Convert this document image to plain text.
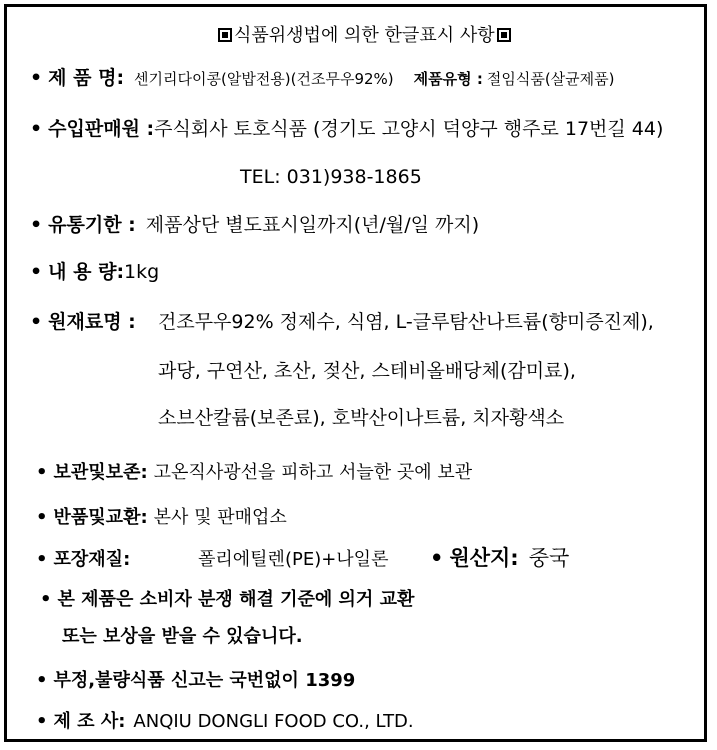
식품위생법에 의한 한글표시 사항
• 제 품 명: 센기리다이콩(알밥전용)(건조무우92%) 제품유형 : 절임식품(살균제품)
• 수입판매원 :주식회사 토호식품 (경기도 고양시 덕양구 행주로 17번길 44)
TEL: 031)938-1865
• 유통기한 : 제품상단 별도표시일까지(년/월/일 까지)
• 내 용 량:1kg
• 원재료명 : 건조무우92% 정제수, 식염, L-글루탐산나트륨(향미증진제),
과당, 구연산, 초산, 젖산, 스테비올배당체(감미료),
소브산칼륨(보존료), 호박산이나트륨, 치자황색소
• 보관및보존: 고온직사광선을 피하고 서늘한 곳에 보관
• 반품및교환: 본사 및 판매업소
• 포장재질:	폴리에틸렌(PE)+나일론 • 원산지: 중국
• 본 제품은 소비자 분쟁 해결 기준에 의거 교환
또는 보상을 받을 수 있습니다.
• 부정,불량식품 신고는 국번없이 1399
• 제 조 사: ANQIU DONGLI FOOD CO., LTD.
